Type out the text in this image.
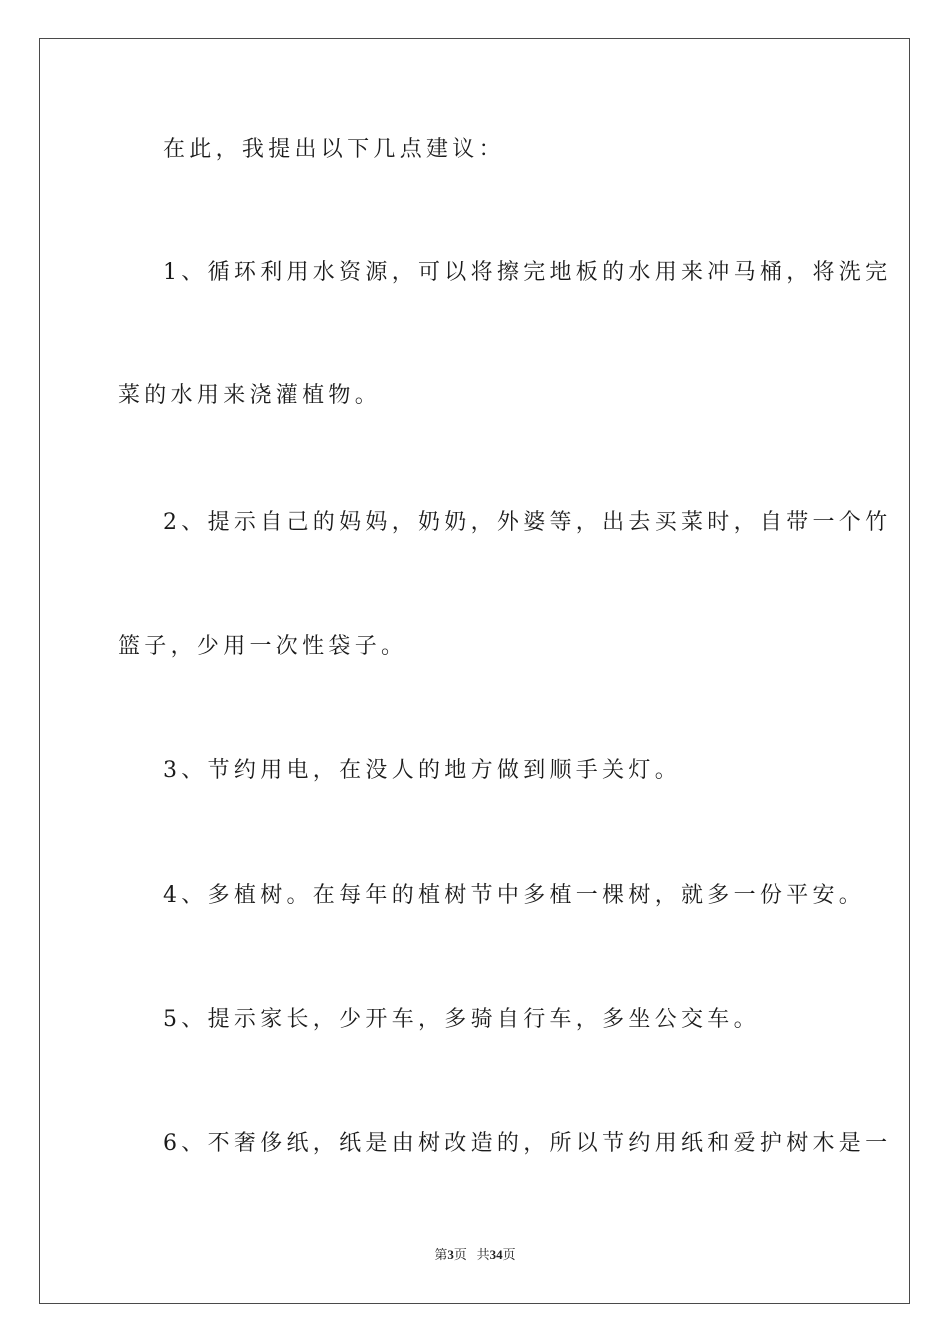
在此，我提出以下几点建议：
1、循环利用水资源，可以将擦完地板的水用来冲马桶，将洗完
菜的水用来浇灌植物。
2、提示自己的妈妈，奶奶，外婆等，出去买菜时，自带一个竹
篮子，少用一次性袋子。
3、节约用电，在没人的地方做到顺手关灯。
4、多植树。在每年的植树节中多植一棵树，就多一份平安。
5、提示家长，少开车，多骑自行车，多坐公交车。
6、不奢侈纸，纸是由树改造的，所以节约用纸和爱护树木是一
第3页 共34页
